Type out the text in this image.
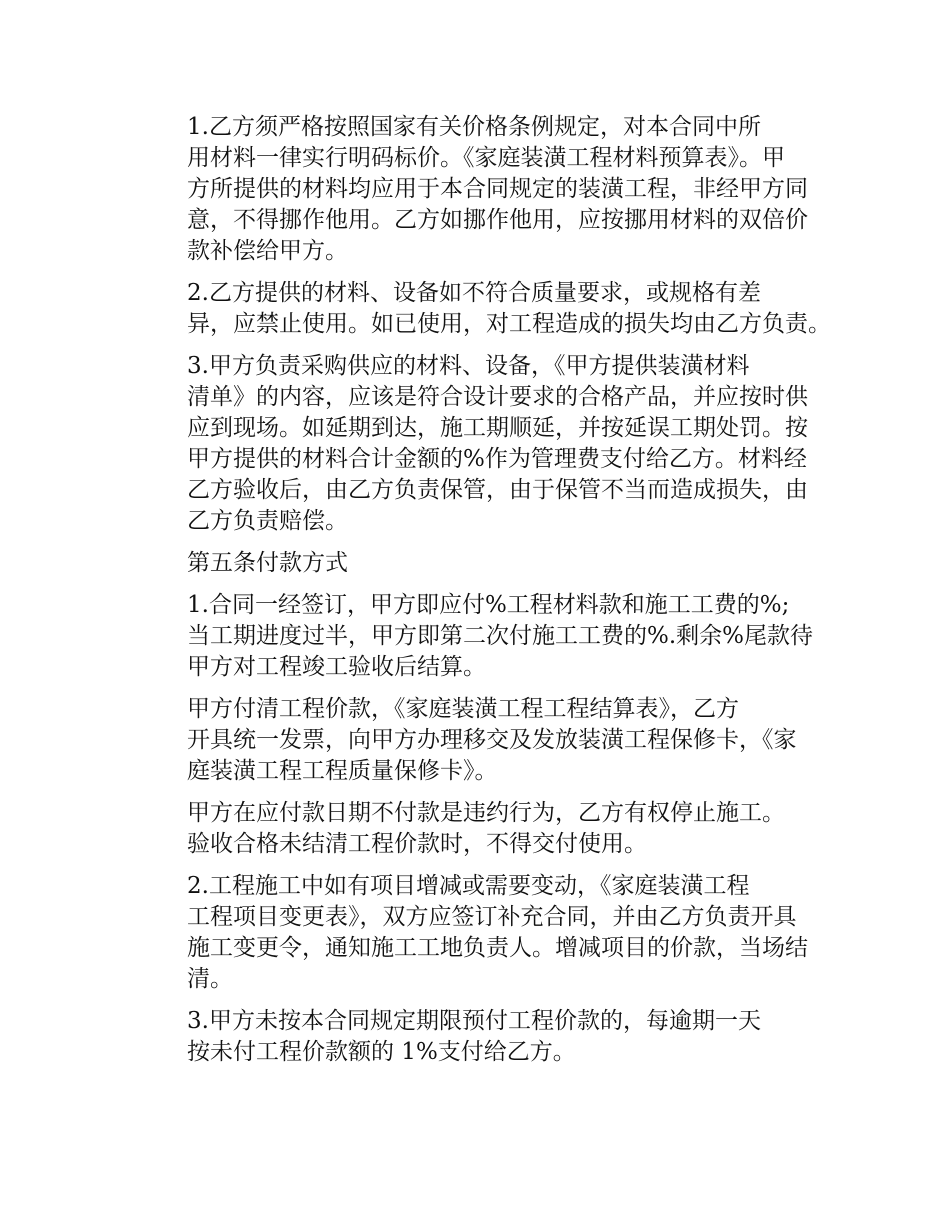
1.乙方须严格按照国家有关价格条例规定，对本合同中所
用材料一律实行明码标价。《家庭装潢工程材料预算表》。甲
方所提供的材料均应用于本合同规定的装潢工程，非经甲方同
意，不得挪作他用。乙方如挪作他用，应按挪用材料的双倍价
款补偿给甲方。

2.乙方提供的材料、设备如不符合质量要求，或规格有差
异，应禁止使用。如已使用，对工程造成的损失均由乙方负责。

3.甲方负责采购供应的材料、设备，《甲方提供装潢材料
清单》的内容，应该是符合设计要求的合格产品，并应按时供
应到现场。如延期到达，施工期顺延，并按延误工期处罚。按
甲方提供的材料合计金额的%作为管理费支付给乙方。材料经
乙方验收后，由乙方负责保管，由于保管不当而造成损失，由
乙方负责赔偿。

第五条付款方式

1.合同一经签订，甲方即应付%工程材料款和施工工费的%;
当工期进度过半，甲方即第二次付施工工费的%.剩余%尾款待
甲方对工程竣工验收后结算。

甲方付清工程价款，《家庭装潢工程工程结算表》，乙方
开具统一发票，向甲方办理移交及发放装潢工程保修卡，《家
庭装潢工程工程质量保修卡》。

甲方在应付款日期不付款是违约行为，乙方有权停止施工。
验收合格未结清工程价款时，不得交付使用。

2.工程施工中如有项目增减或需要变动，《家庭装潢工程
工程项目变更表》，双方应签订补充合同，并由乙方负责开具
施工变更令，通知施工工地负责人。增减项目的价款，当场结
清。

3.甲方未按本合同规定期限预付工程价款的，每逾期一天
按未付工程价款额的 1%支付给乙方。
